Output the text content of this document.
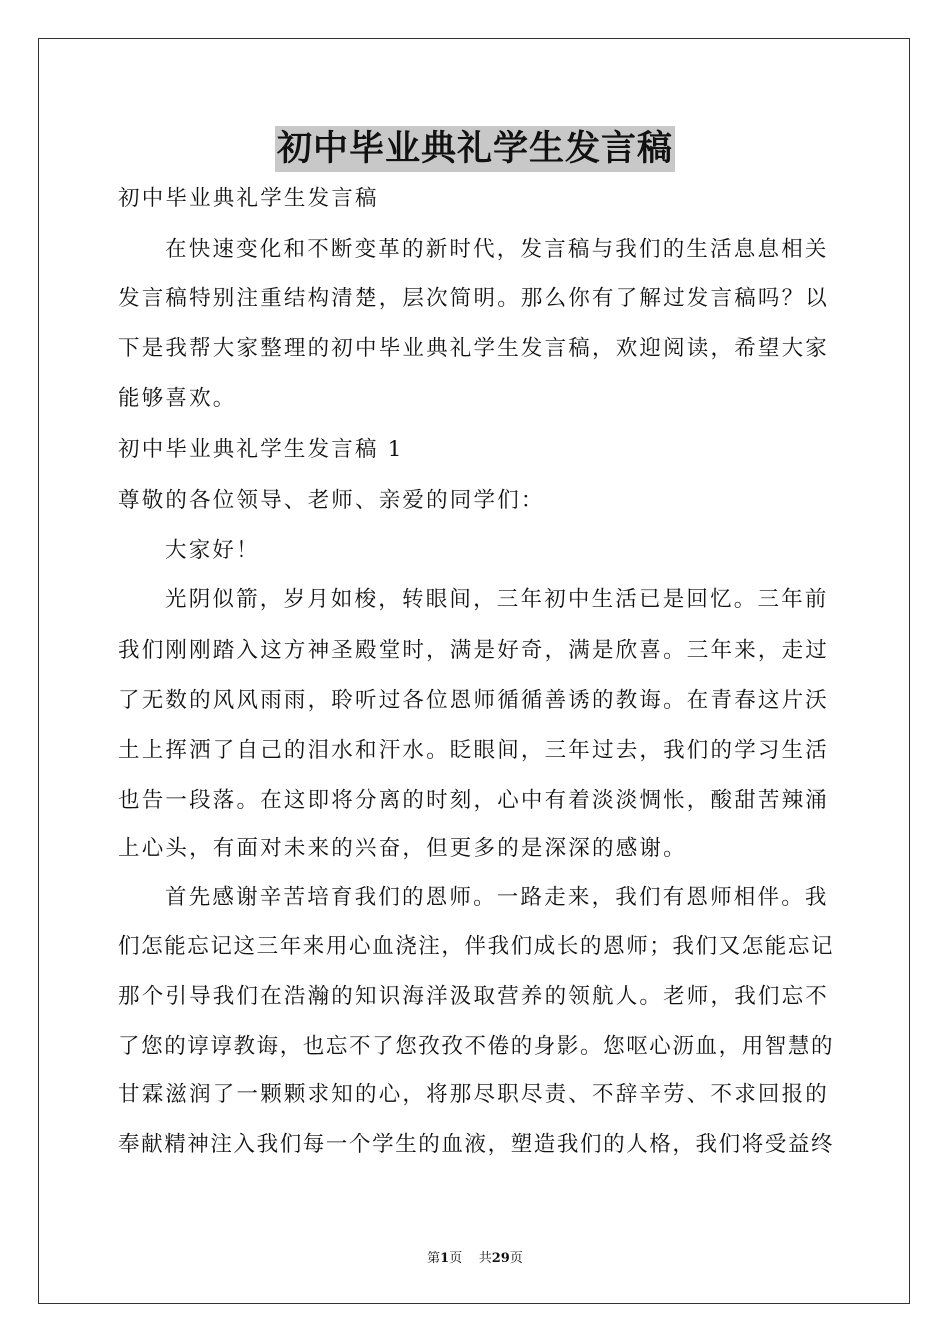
初中毕业典礼学生发言稿
初中毕业典礼学生发言稿
在快速变化和不断变革的新时代，发言稿与我们的生活息息相关
发言稿特别注重结构清楚，层次简明。那么你有了解过发言稿吗？以
下是我帮大家整理的初中毕业典礼学生发言稿，欢迎阅读，希望大家
能够喜欢。
初中毕业典礼学生发言稿 1
尊敬的各位领导、老师、亲爱的同学们：
大家好！
光阴似箭，岁月如梭，转眼间，三年初中生活已是回忆。三年前
我们刚刚踏入这方神圣殿堂时，满是好奇，满是欣喜。三年来，走过
了无数的风风雨雨，聆听过各位恩师循循善诱的教诲。在青春这片沃
土上挥洒了自己的泪水和汗水。眨眼间，三年过去，我们的学习生活
也告一段落。在这即将分离的时刻，心中有着淡淡惆怅，酸甜苦辣涌
上心头，有面对未来的兴奋，但更多的是深深的感谢。
首先感谢辛苦培育我们的恩师。一路走来，我们有恩师相伴。我
们怎能忘记这三年来用心血浇注，伴我们成长的恩师；我们又怎能忘记
那个引导我们在浩瀚的知识海洋汲取营养的领航人。老师，我们忘不
了您的谆谆教诲，也忘不了您孜孜不倦的身影。您呕心沥血，用智慧的
甘霖滋润了一颗颗求知的心，将那尽职尽责、不辞辛劳、不求回报的
奉献精神注入我们每一个学生的血液，塑造我们的人格，我们将受益终
第1页 共29页
